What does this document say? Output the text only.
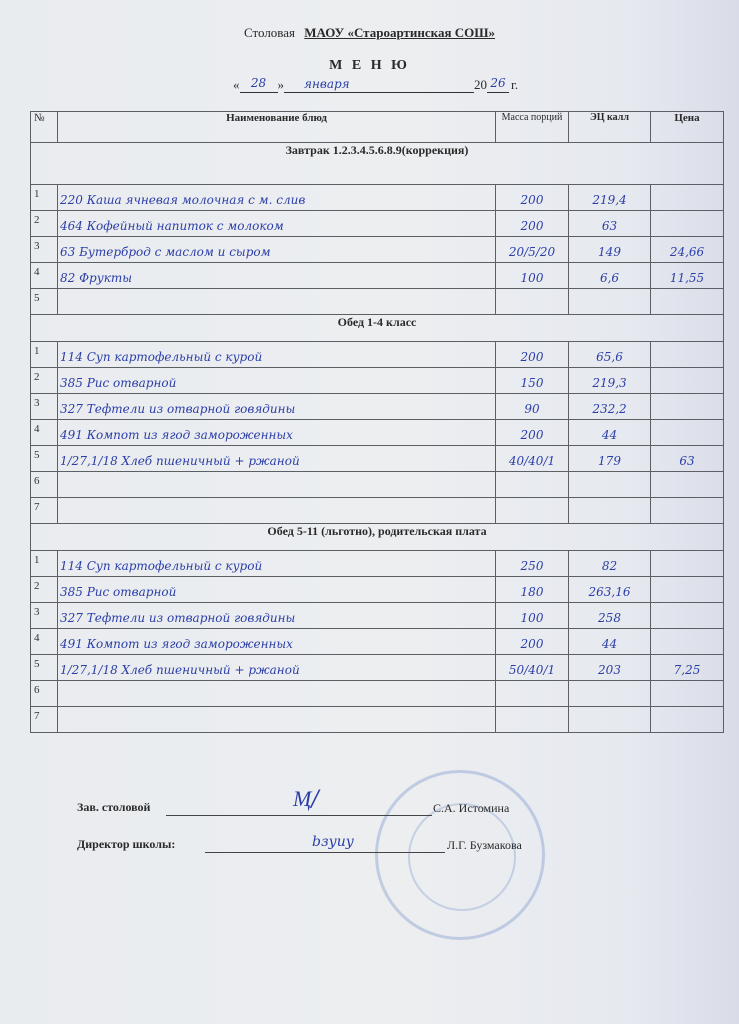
Столовая МАОУ «Староартинская СОШ»
М Е Н Ю
« 28 » января	20 26 г.
№	Наименование блюд	Масса порций	ЭЦ калл	Цена
Завтрак 1.2.3.4.5.6.8.9(коррекция)				
1	220 Каша ячневая молочная с м. слив	200	219,4	
2	464 Кофейный напиток с молоком	200	63	
3	63 Бутерброд с маслом и сыром	20/5/20	149	24,66
4	82 Фрукты	100	6,6	11,55
5				
Обед 1-4 класс				
1	114 Суп картофельный с курой	200	65,6	
2	385 Рис отварной	150	219,3	
3	327 Тефтели из отварной говядины	90	232,2	
4	491 Компот из ягод замороженных	200	44	
5	1/27,1/18 Хлеб пшеничный + ржаной	40/40/1	179	63
6				
7				
Обед 5-11 (льготно), родительская плата				
1	114 Суп картофельный с курой	250	82	
2	385 Рис отварной	180	263,16	
3	327 Тефтели из отварной говядины	100	258	
4	491 Компот из ягод замороженных	200	44	
5	1/27,1/18 Хлеб пшеничный + ржаной	50/40/1	203	7,25
6				
7				
Зав. столовой	Ӎ/	С.А. Истомина
Директор школы:	bзуиy	Л.Г. Бузмакова
